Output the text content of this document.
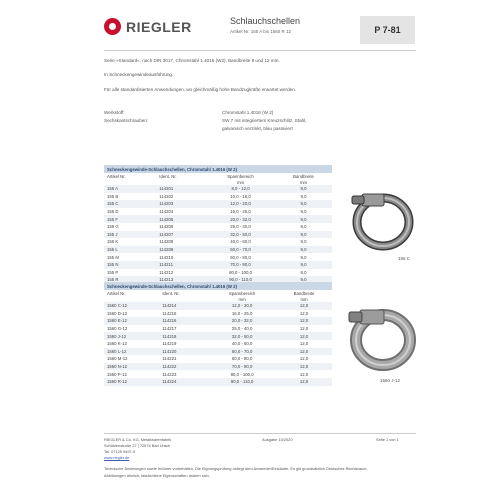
RIEGLER	Schlauchschellen
Artikel Nr. 155 A bis 1560 R 12	P 7-81
Serie »Standard«, nach DIN 3017, Chromstahl 1.4016 (W2), Bandbreite 9 und 12 mm.
In Schneckengewindeausführung.
Für alle standardisierten Anwendungen, wo gleichmäßig hohe Bandzugkräfte erwartet werden.
Werkstoff:	Chromstahl 1.4016 (W 2)
Sechskantschrauben:	SW 7 mit integriertem Kreuzschlitz, Stahl,
galvanisch verzinkt, blau passiviert
Schneckengewinde-Schlauchschellen, Chromstahl 1.4016 (W 2)			
Artikel Nr.	Ident. Nr.	Spannbereich	Bandbreite
		mm	mm
155 A	114201	8,0 - 12,0	9,0
155 B	114202	10,0 - 16,0	9,0
155 C	114203	12,0 - 20,0	9,0
155 D	114204	16,0 - 25,0	9,0
155 F	114205	20,0 - 32,0	9,0
155 G	114206	25,0 - 40,0	9,0
155 J	114207	32,0 - 50,0	9,0
155 K	114208	40,0 - 60,0	9,0
155 L	114209	50,0 - 70,0	9,0
155 M	114210	60,0 - 80,0	9,0
155 N	114211	70,0 - 90,0	9,0
155 P	114212	80,0 - 100,0	9,0
155 R	114213	90,0 - 110,0	9,0
155 C
Schneckengewinde-Schlauchschellen, Chromstahl 1.4016 (W 2)			
Artikel Nr.	Ident. Nr.	Spannbereich	Bandbreite
		mm	mm
1560 C-12	114214	12,0 - 20,0	12,0
1560 D-12	114215	16,0 - 25,0	12,0
1560 E-12	114216	20,0 - 32,0	12,0
1560 G-12	114217	25,0 - 40,0	12,0
1560 J-12	114218	32,0 - 50,0	12,0
1560 K-12	114219	40,0 - 60,0	12,0
1560 L-12	114220	50,0 - 70,0	12,0
1560 M-12	114221	60,0 - 80,0	12,0
1560 N-12	114222	70,0 - 90,0	12,0
1560 P-12	114223	80,0 - 100,0	12,0
1560 R-12	114224	90,0 - 110,0	12,0	1560 J-12
RIEGLER & Co. KG, Metallwarenfabrik
Schützenstraße 27 | 72574 Bad Urach
Tel. 07125 9497-0
www.riegler.de
Ausgabe 10/2020	Seite 1 von 1
Technische Änderungen sowie Irrtümer vorbehalten. Die Eignungsprüfung obliegt dem Anwender/Einkäufer. Es gilt grundsätzlich Deutsches Rechtsraum.
Abbildungen ähnlich, tatsächliche Eigenschaften ändern sich.
